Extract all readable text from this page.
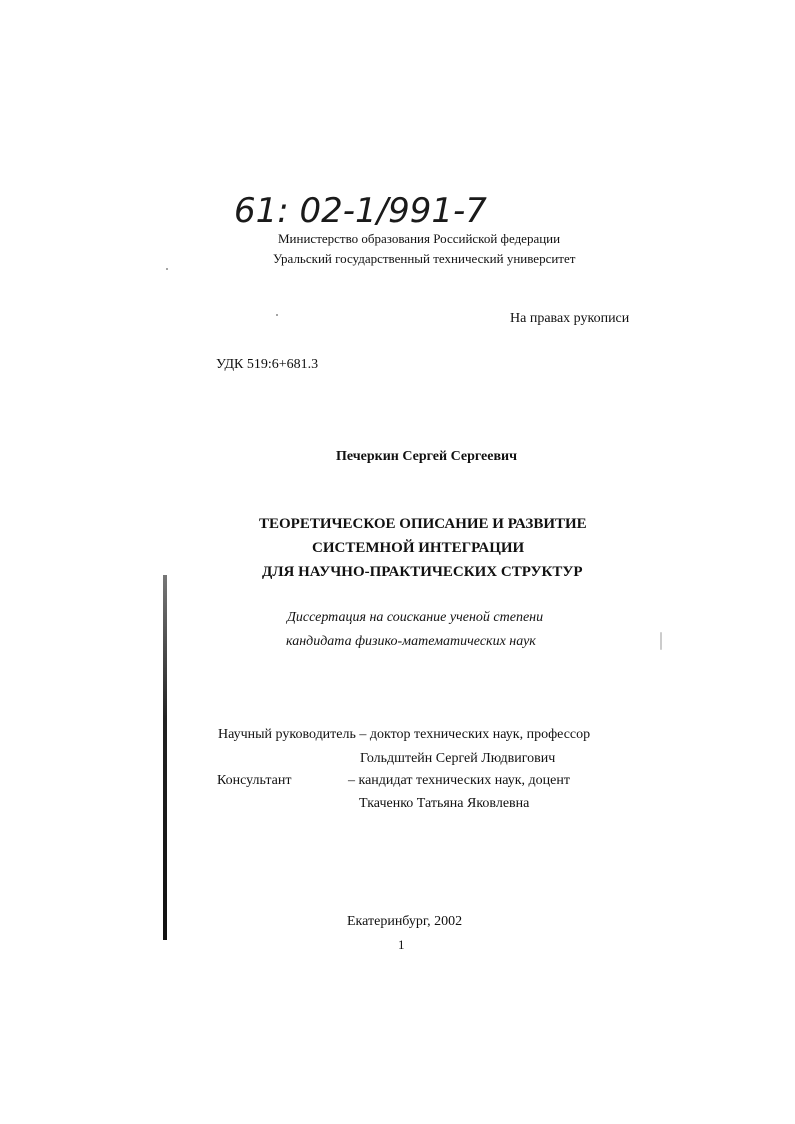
61: 02-1/991-7
Министерство образования Российской федерации
Уральский государственный технический университет
На правах рукописи
УДК 519:6+681.3
Печеркин Сергей Сергеевич
ТЕОРЕТИЧЕСКОЕ ОПИСАНИЕ И РАЗВИТИЕ
СИСТЕМНОЙ ИНТЕГРАЦИИ
ДЛЯ НАУЧНО-ПРАКТИЧЕСКИХ СТРУКТУР
Диссертация на соискание ученой степени
кандидата физико-математических наук
Научный руководитель – доктор технических наук, профессор
Гольдштейн Сергей Людвигович
Консультант	– кандидат технических наук, доцент
Ткаченко Татьяна Яковлевна
Екатеринбург, 2002
1
